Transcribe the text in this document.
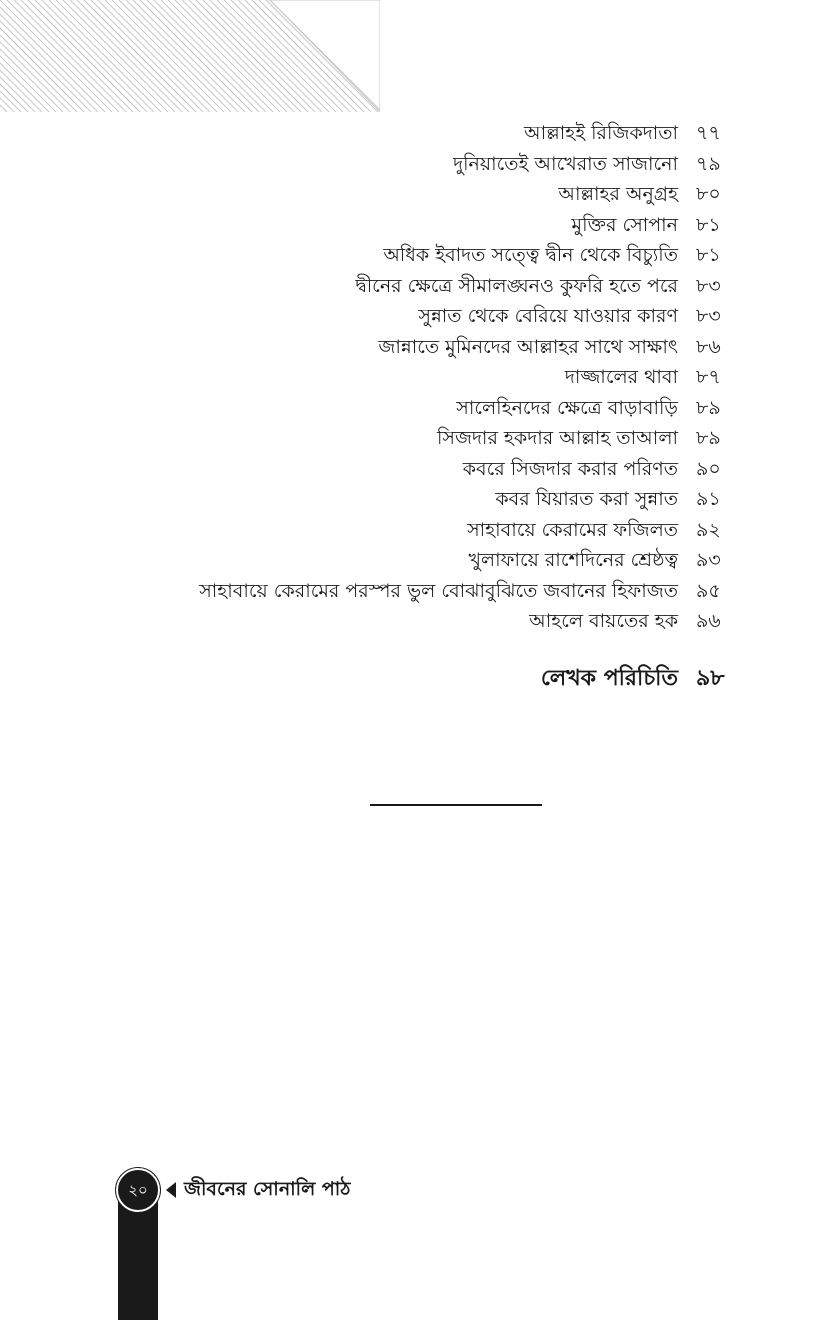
আল্লাহই রিজিকদাতা ৭৭
দুনিয়াতেই আখেরাত সাজানো ৭৯
আল্লাহর অনুগ্রহ ৮০
মুক্তির সোপান ৮১
অধিক ইবাদত সত্ত্বে দ্বীন থেকে বিচ্যুতি ৮১
দ্বীনের ক্ষেত্রে সীমালঙ্ঘনও কুফরি হতে পরে ৮৩
সুন্নাত থেকে বেরিয়ে যাওয়ার কারণ ৮৩
জান্নাতে মুমিনদের আল্লাহর সাথে সাক্ষাৎ ৮৬
দাজ্জালের থাবা ৮৭
সালেহিনদের ক্ষেত্রে বাড়াবাড়ি ৮৯
সিজদার হকদার আল্লাহ তাআলা ৮৯
কবরে সিজদার করার পরিণত ৯০
কবর যিয়ারত করা সুন্নাত ৯১
সাহাবায়ে কেরামের ফজিলত ৯২
খুলাফায়ে রাশেদিনের শ্রেষ্ঠত্ব ৯৩
সাহাবায়ে কেরামের পরস্পর ভুল বোঝাবুঝিতে জবানের হিফাজত ৯৫
আহলে বায়তের হক ৯৬
লেখক পরিচিতি ৯৮
২০	জীবনের সোনালি পাঠ
